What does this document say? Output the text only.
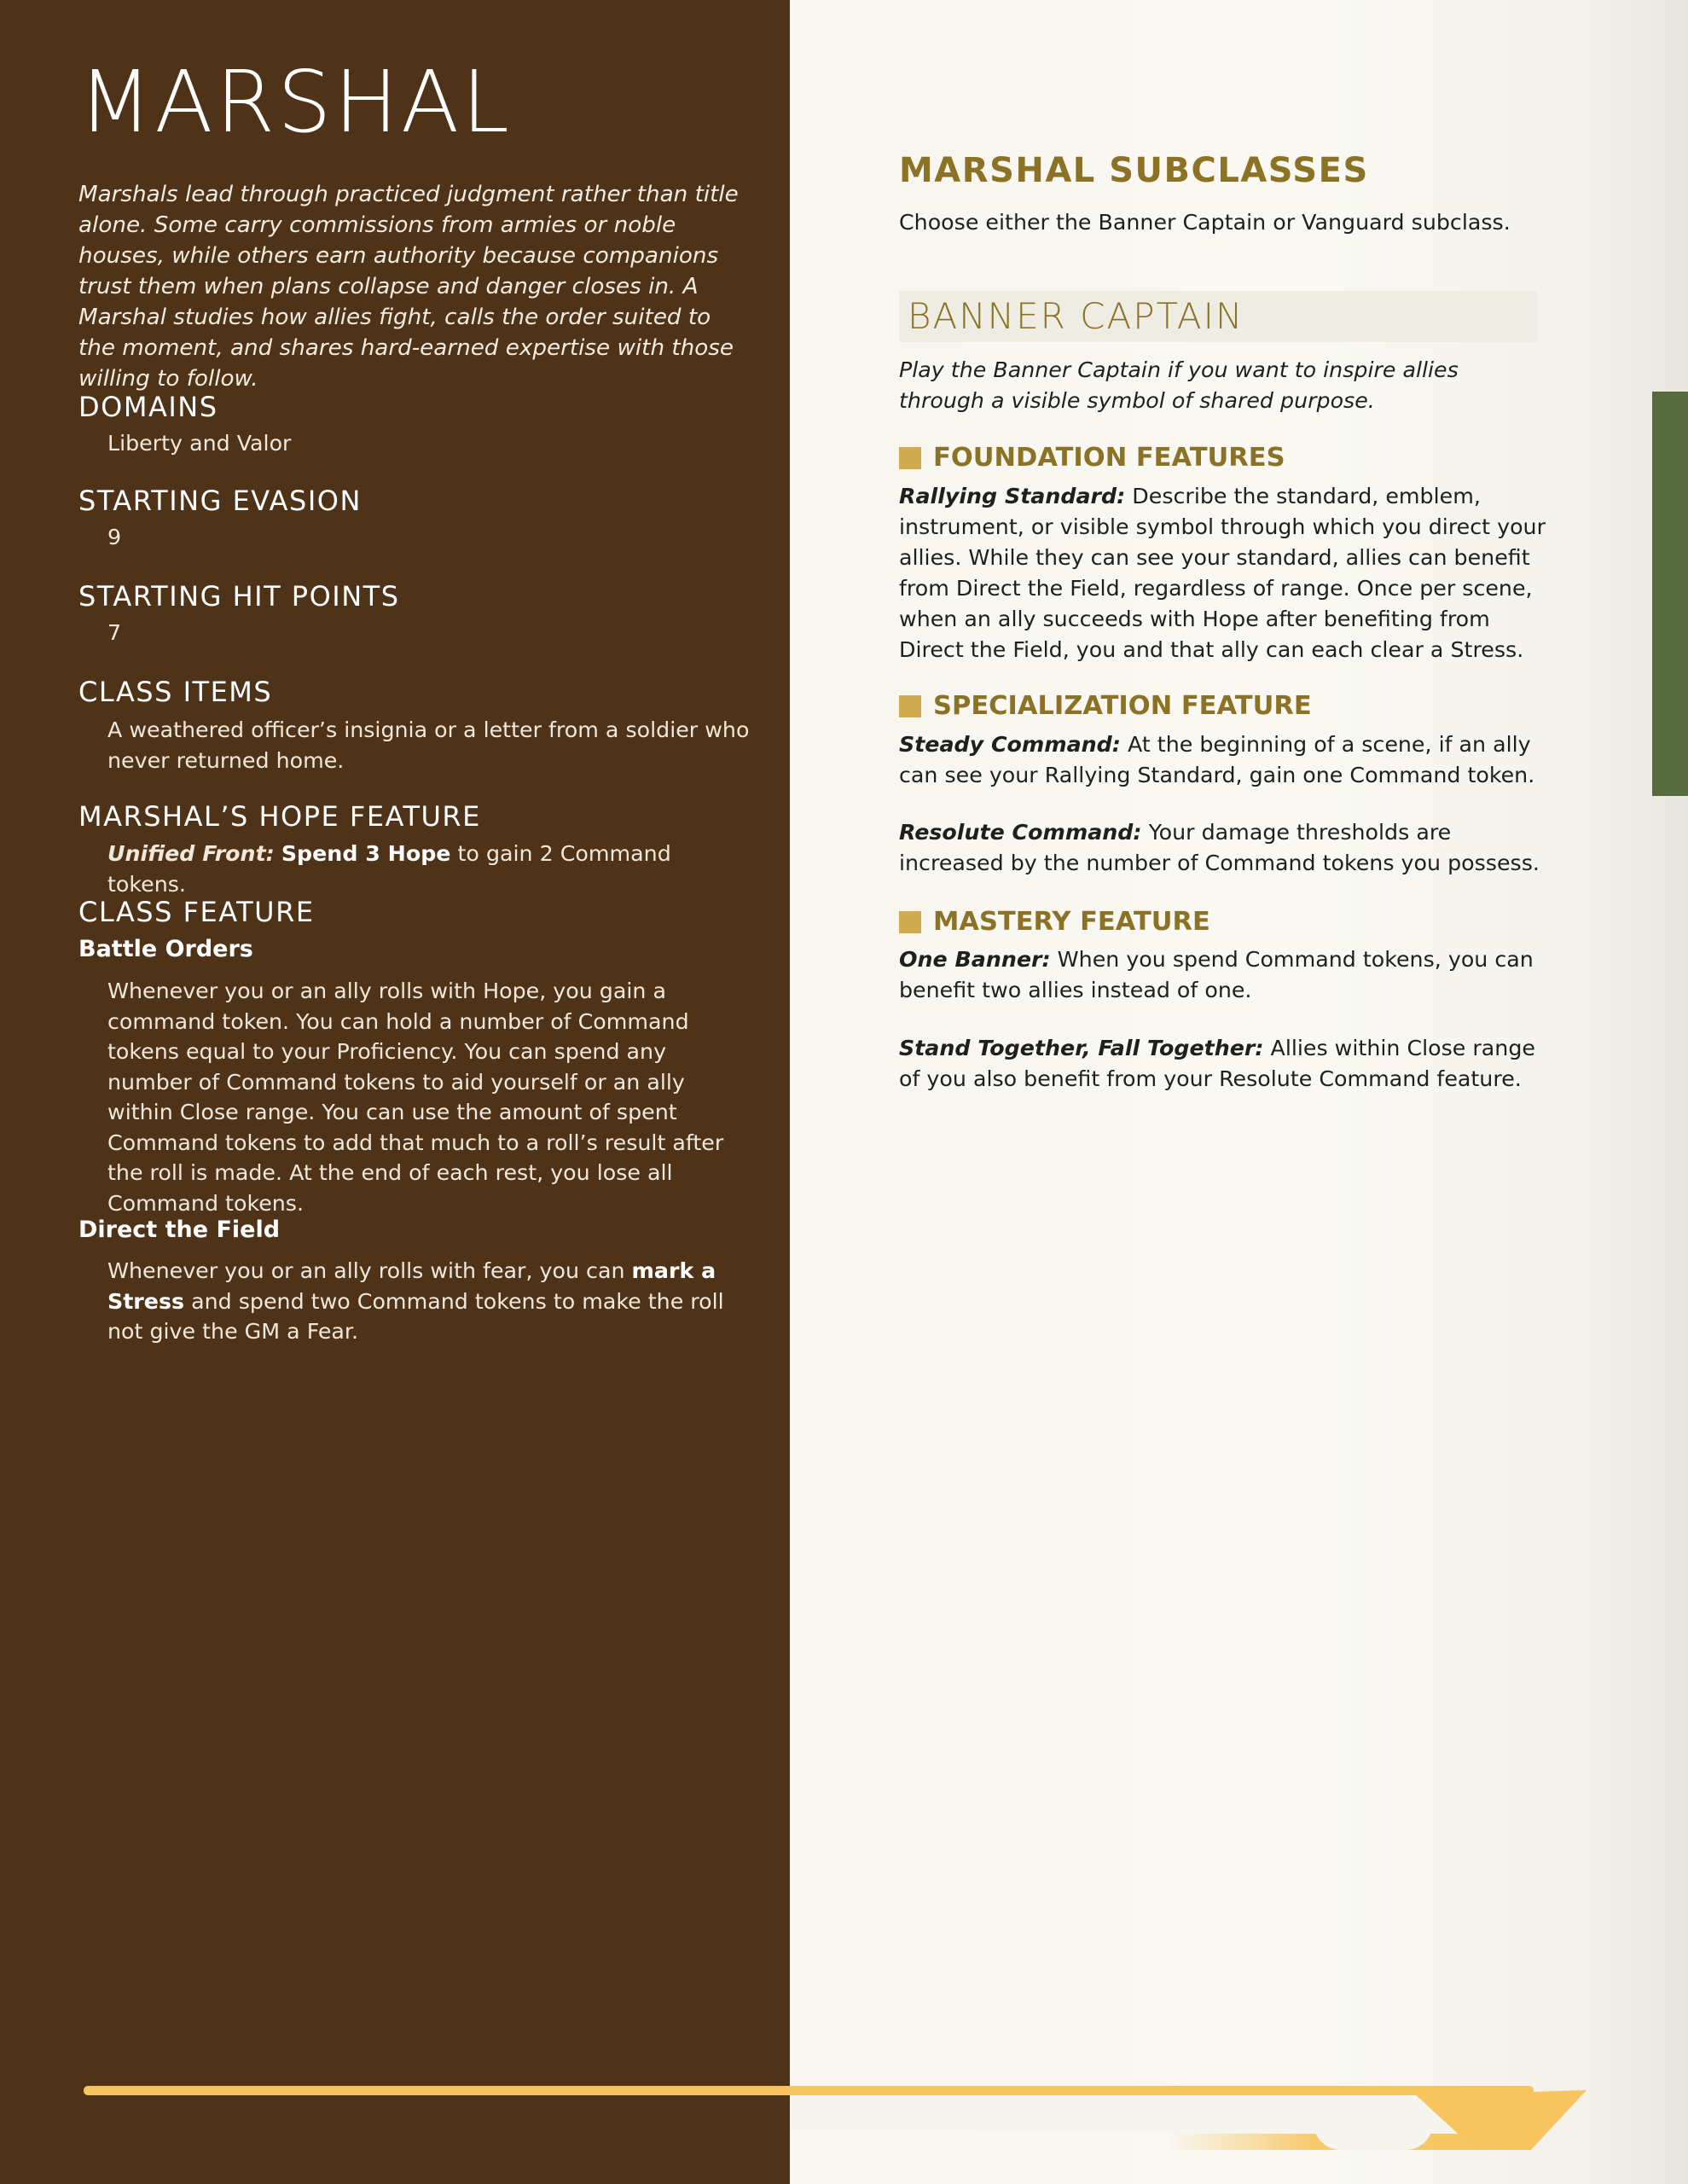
MARSHAL

Marshals lead through practiced judgment rather than title alone. Some carry commissions from armies or noble houses, while others earn authority because companions trust them when plans collapse and danger closes in. A Marshal studies how allies fight, calls the order suited to the moment, and shares hard-earned expertise with those willing to follow.

DOMAINS

Liberty and Valor

STARTING EVASION

9

STARTING HIT POINTS

7

CLASS ITEMS

A weathered officer’s insignia or a letter from a soldier who never returned home.

MARSHAL’S HOPE FEATURE

Unified Front: Spend 3 Hope to gain 2 Command tokens.

CLASS FEATURE
Battle Orders

Whenever you or an ally rolls with Hope, you gain a command token. You can hold a number of Command tokens equal to your Proficiency. You can spend any number of Command tokens to aid yourself or an ally within Close range. You can use the amount of spent Command tokens to add that much to a roll’s result after the roll is made. At the end of each rest, you lose all Command tokens.

Direct the Field

Whenever you or an ally rolls with fear, you can mark a Stress and spend two Command tokens to make the roll not give the GM a Fear.

MARSHAL SUBCLASSES

Choose either the Banner Captain or Vanguard subclass.

BANNER CAPTAIN

Play the Banner Captain if you want to inspire allies through a visible symbol of shared purpose.

FOUNDATION FEATURES

Rallying Standard: Describe the standard, emblem, instrument, or visible symbol through which you direct your allies. While they can see your standard, allies can benefit from Direct the Field, regardless of range. Once per scene, when an ally succeeds with Hope after benefiting from Direct the Field, you and that ally can each clear a Stress.

SPECIALIZATION FEATURE

Steady Command: At the beginning of a scene, if an ally can see your Rallying Standard, gain one Command token.

Resolute Command: Your damage thresholds are increased by the number of Command tokens you possess.

MASTERY FEATURE

One Banner: When you spend Command tokens, you can benefit two allies instead of one.

Stand Together, Fall Together: Allies within Close range of you also benefit from your Resolute Command feature.
